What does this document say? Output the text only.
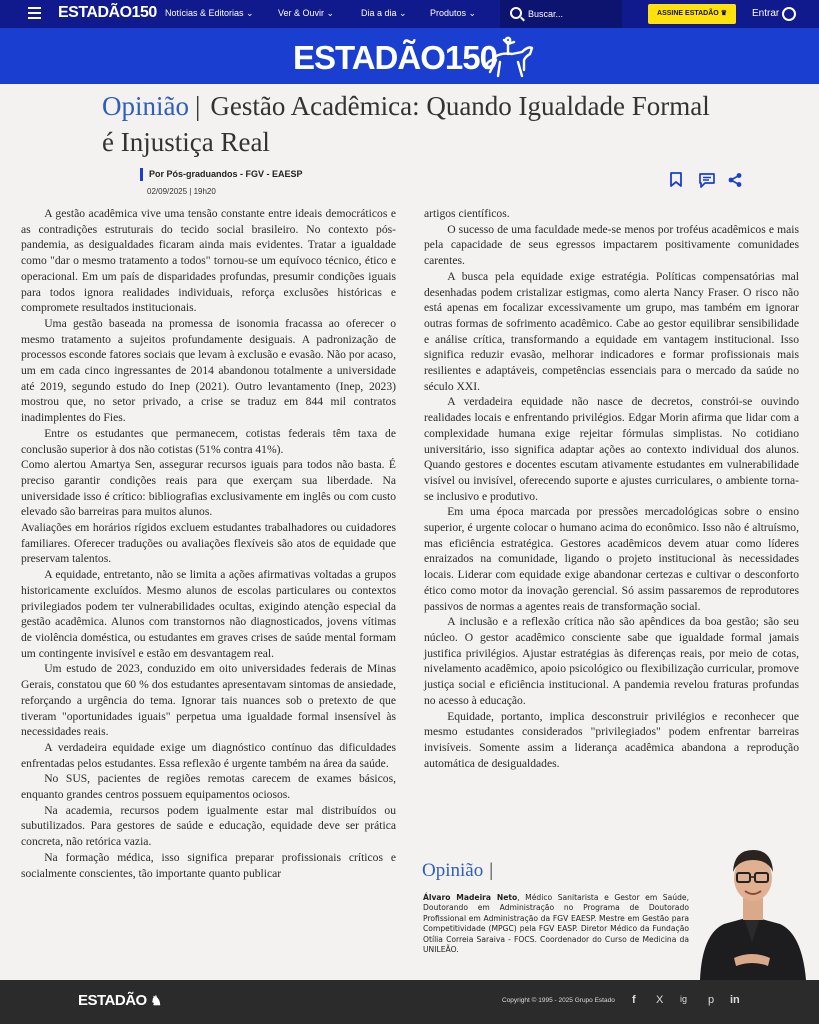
ESTADÃO150 Notícias & Editorias ⌄	Ver & Ouvir ⌄	Dia a dia ⌄	Produtos ⌄	Buscar...	ASSINE ESTADÃO ♛	Entrar
ESTADÃO150
Opinião | Gestão Acadêmica: Quando Igualdade Formal é Injustiça Real
Por Pós-graduandos - FGV - EAESP
02/09/2025 | 19h20

A gestão acadêmica vive uma tensão constante entre ideais democráticos e as contradições estruturais do tecido social brasileiro. No contexto pós-pandemia, as desigualdades ficaram ainda mais evidentes. Tratar a igualdade como "dar o mesmo tratamento a todos" tornou-se um equívoco técnico, ético e operacional. Em um país de disparidades profundas, presumir condições iguais para todos ignora realidades individuais, reforça exclusões históricas e compromete resultados institucionais.

Uma gestão baseada na promessa de isonomia fracassa ao oferecer o mesmo tratamento a sujeitos profundamente desiguais. A padronização de processos esconde fatores sociais que levam à exclusão e evasão. Não por acaso, um em cada cinco ingressantes de 2014 abandonou totalmente a universidade até 2019, segundo estudo do Inep (2021). Outro levantamento (Inep, 2023) mostrou que, no setor privado, a crise se traduz em 844 mil contratos inadimplentes do Fies.

Entre os estudantes que permanecem, cotistas federais têm taxa de conclusão superior à dos não cotistas (51% contra 41%).

Como alertou Amartya Sen, assegurar recursos iguais para todos não basta. É preciso garantir condições reais para que exerçam sua liberdade. Na universidade isso é crítico: bibliografias exclusivamente em inglês ou com custo elevado são barreiras para muitos alunos.

Avaliações em horários rígidos excluem estudantes trabalhadores ou cuidadores familiares. Oferecer traduções ou avaliações flexíveis são atos de equidade que preservam talentos.

A equidade, entretanto, não se limita a ações afirmativas voltadas a grupos historicamente excluídos. Mesmo alunos de escolas particulares ou contextos privilegiados podem ter vulnerabilidades ocultas, exigindo atenção especial da gestão acadêmica. Alunos com transtornos não diagnosticados, jovens vítimas de violência doméstica, ou estudantes em graves crises de saúde mental formam um contingente invisível e estão em desvantagem real.

Um estudo de 2023, conduzido em oito universidades federais de Minas Gerais, constatou que 60 % dos estudantes apresentavam sintomas de ansiedade, reforçando a urgência do tema. Ignorar tais nuances sob o pretexto de que tiveram "oportunidades iguais" perpetua uma igualdade formal insensível às necessidades reais.

A verdadeira equidade exige um diagnóstico contínuo das dificuldades enfrentadas pelos estudantes. Essa reflexão é urgente também na área da saúde.

No SUS, pacientes de regiões remotas carecem de exames básicos, enquanto grandes centros possuem equipamentos ociosos.

Na academia, recursos podem igualmente estar mal distribuídos ou subutilizados. Para gestores de saúde e educação, equidade deve ser prática concreta, não retórica vazia.

Na formação médica, isso significa preparar profissionais críticos e socialmente conscientes, tão importante quanto publicar

artigos científicos.

O sucesso de uma faculdade mede-se menos por troféus acadêmicos e mais pela capacidade de seus egressos impactarem positivamente comunidades carentes.

A busca pela equidade exige estratégia. Políticas compensatórias mal desenhadas podem cristalizar estigmas, como alerta Nancy Fraser. O risco não está apenas em focalizar excessivamente um grupo, mas também em ignorar outras formas de sofrimento acadêmico. Cabe ao gestor equilibrar sensibilidade e análise crítica, transformando a equidade em vantagem institucional. Isso significa reduzir evasão, melhorar indicadores e formar profissionais mais resilientes e adaptáveis, competências essenciais para o mercado da saúde no século XXI.

A verdadeira equidade não nasce de decretos, constrói-se ouvindo realidades locais e enfrentando privilégios. Edgar Morin afirma que lidar com a complexidade humana exige rejeitar fórmulas simplistas. No cotidiano universitário, isso significa adaptar ações ao contexto individual dos alunos. Quando gestores e docentes escutam ativamente estudantes em vulnerabilidade visível ou invisível, oferecendo suporte e ajustes curriculares, o ambiente torna-se inclusivo e produtivo.

Em uma época marcada por pressões mercadológicas sobre o ensino superior, é urgente colocar o humano acima do econômico. Isso não é altruísmo, mas eficiência estratégica. Gestores acadêmicos devem atuar como líderes enraizados na comunidade, ligando o projeto institucional às necessidades locais. Liderar com equidade exige abandonar certezas e cultivar o desconforto ético como motor da inovação gerencial. Só assim passaremos de reprodutores passivos de normas a agentes reais de transformação social.

A inclusão e a reflexão crítica não são apêndices da boa gestão; são seu núcleo. O gestor acadêmico consciente sabe que igualdade formal jamais justifica privilégios. Ajustar estratégias às diferenças reais, por meio de cotas, nivelamento acadêmico, apoio psicológico ou flexibilização curricular, promove justiça social e eficiência institucional. A pandemia revelou fraturas profundas no acesso à educação.

Equidade, portanto, implica desconstruir privilégios e reconhecer que mesmo estudantes considerados "privilegiados" podem enfrentar barreiras invisíveis. Somente assim a liderança acadêmica abandona a reprodução automática de desigualdades.

Opinião |
Álvaro Madeira Neto, Médico Sanitarista e Gestor em Saúde, Doutorando em Administração no Programa de Doutorado Profissional em Administração da FGV EAESP. Mestre em Gestão para Competitividade (MPGC) pela FGV EASP. Diretor Médico da Fundação Otília Correia Saraiva - FOCS. Coordenador do Curso de Medicina da UNILEÃO.
ESTADÃO ♞	Copyright © 1995 - 2025 Grupo Estado f X ig p in
